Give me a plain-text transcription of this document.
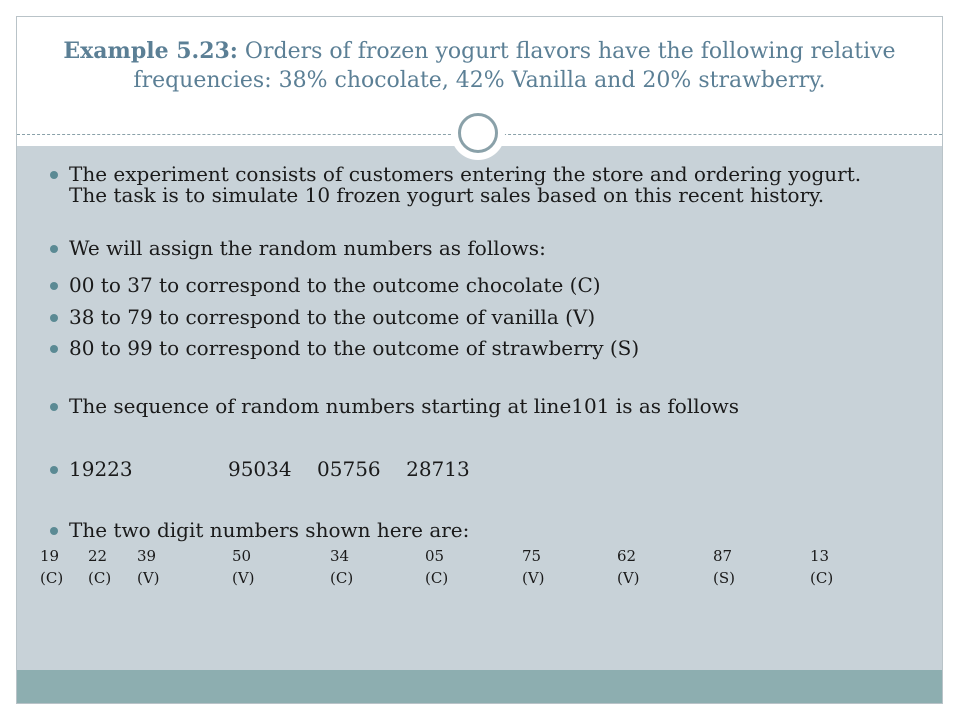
Example 5.23: Orders of frozen yogurt flavors have the following relative frequencies: 38% chocolate, 42% Vanilla and 20% strawberry.
The experiment consists of customers entering the store and ordering yogurt. The task is to simulate 10 frozen yogurt sales based on this recent history.
We will assign the random numbers as follows:
00 to 37 to correspond to the outcome chocolate (C)
38 to 79 to correspond to the outcome of vanilla (V)
80 to 99 to correspond to the outcome of strawberry (S)
The sequence of random numbers starting at line101 is as follows
19223               95034    05756    28713
The two digit numbers shown here are:
19 22 39	50	34	05	75	62	87	13
(C) (C) (V)	(V)	(C)	(C)	(V)	(V)	(S)	(C)
